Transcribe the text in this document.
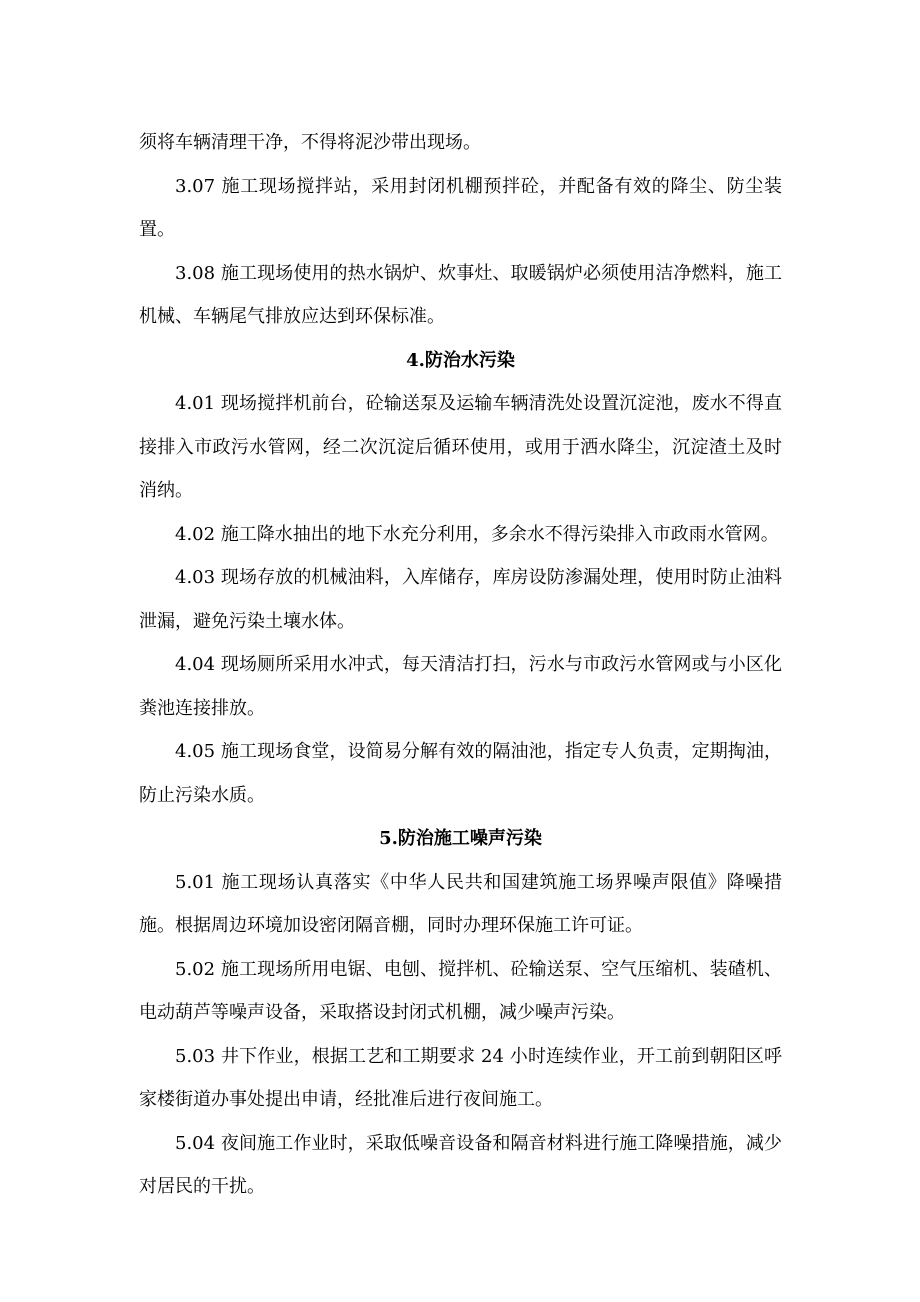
须将车辆清理干净，不得将泥沙带出现场。

3.07 施工现场搅拌站，采用封闭机棚预拌砼，并配备有效的降尘、防尘装置。

3.08 施工现场使用的热水锅炉、炊事灶、取暖锅炉必须使用洁净燃料，施工机械、车辆尾气排放应达到环保标准。

4.防治水污染

4.01 现场搅拌机前台，砼输送泵及运输车辆清洗处设置沉淀池，废水不得直接排入市政污水管网，经二次沉淀后循环使用，或用于洒水降尘，沉淀渣土及时消纳。

4.02 施工降水抽出的地下水充分利用，多余水不得污染排入市政雨水管网。

4.03 现场存放的机械油料，入库储存，库房设防渗漏处理，使用时防止油料泄漏，避免污染土壤水体。

4.04 现场厕所采用水冲式，每天清洁打扫，污水与市政污水管网或与小区化粪池连接排放。

4.05 施工现场食堂，设简易分解有效的隔油池，指定专人负责，定期掏油，防止污染水质。

5.防治施工噪声污染

5.01 施工现场认真落实《中华人民共和国建筑施工场界噪声限值》降噪措施。根据周边环境加设密闭隔音棚，同时办理环保施工许可证。

5.02 施工现场所用电锯、电刨、搅拌机、砼输送泵、空气压缩机、装碴机、电动葫芦等噪声设备，采取搭设封闭式机棚，减少噪声污染。

5.03 井下作业，根据工艺和工期要求 24 小时连续作业，开工前到朝阳区呼家楼街道办事处提出申请，经批准后进行夜间施工。

5.04 夜间施工作业时，采取低噪音设备和隔音材料进行施工降噪措施，减少对居民的干扰。
